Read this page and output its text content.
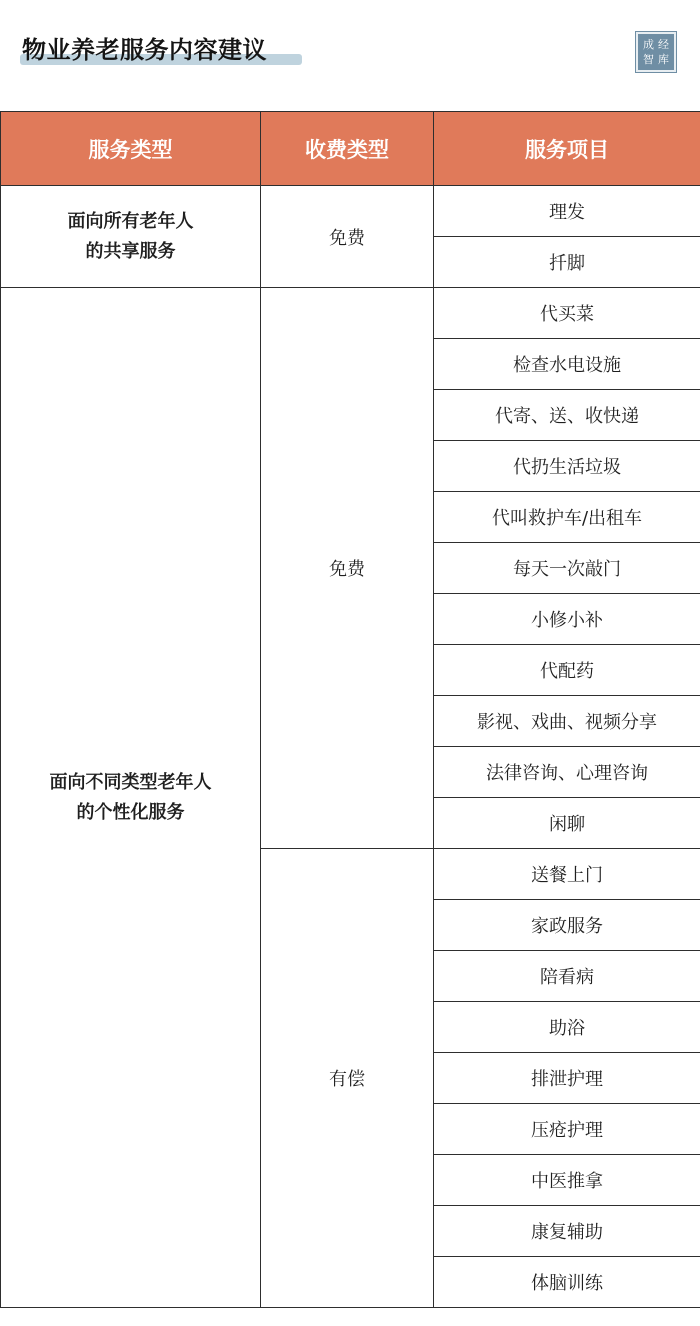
物业养老服务内容建议	成 经
智 库
服务类型	收费类型	服务项目

面向所有老年人
的共享服务	免费	理发
		扦脚

面向不同类型老年人
的个性化服务	免费	代买菜
		检查水电设施
		代寄、送、收快递
		代扔生活垃圾
		代叫救护车/出租车
		每天一次敲门
		小修小补
		代配药
		影视、戏曲、视频分享
		法律咨询、心理咨询
		闲聊
	有偿	送餐上门
		家政服务
		陪看病
		助浴
		排泄护理
		压疮护理
		中医推拿
		康复辅助
		体脑训练
